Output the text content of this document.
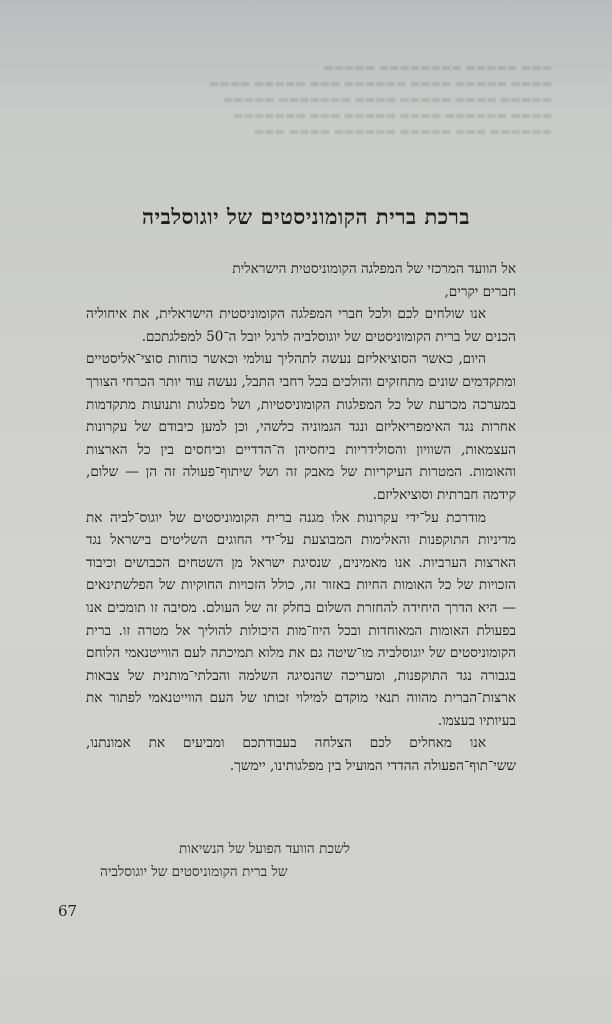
▬▬▬ ▬▬▬▬▬ ▬▬▬▬▬▬▬▬ ▬▬▬▬▬
▬▬▬▬ ▬▬▬▬▬ ▬▬▬▬ ▬▬▬▬▬▬ ▬▬▬ ▬▬▬▬▬ ▬▬▬▬
▬▬▬▬▬ ▬▬▬▬ ▬▬▬▬▬ ▬▬▬▬ ▬▬▬▬▬▬▬ ▬▬▬▬▬
▬▬▬▬ ▬▬▬▬▬▬ ▬▬▬▬ ▬▬▬▬▬ ▬▬▬ ▬▬▬▬▬▬▬
▬▬▬▬▬▬ ▬▬▬ ▬▬▬▬▬ ▬▬▬▬▬▬ ▬▬▬▬ ▬▬▬
ברכת ברית הקומוניסטים של יוגוסלביה

אל הוועד המרכזי של המפלגה הקומוניסטית הישראלית

חברים יקרים,

אנו שולחים לכם ולכל חברי המפלגה הקומוניסטית הישראלית, את איחוליה הכנים של ברית הקומוניסטים של יוגוסלביה לרגל יובל ה־50 למפלגתכם.

היום, כאשר הסוציאליזם נעשה לתהליך עולמי וכאשר כוחות סוצי־אליסטיים ומתקדמים שונים מתחזקים והולכים בכל רחבי התבל, נעשה עוד יותר הכרחי הצורך במערכה מכרעת של כל המפלגות הקומוניסטיות, ושל מפלגות ותנועות מתקדמות אחרות נגד האימפריאליזם ונגד הגמוניה כלשהי, וכן למען כיבודם של עקרונות העצמאות, השוויון והסולידריות ביחסיהן ה־הדדיים וביחסים בין כל הארצות והאומות. המטרות העיקריות של מאבק זה ושל שיתוף־פעולה זה הן — שלום, קידמה חברתית וסוציאליזם.

מודרכת על־ידי עקרונות אלו מגנה ברית הקומוניסטים של יוגוס־לביה את מדיניות התוקפנות והאלימות המבוצעת על־ידי החוגים השליטים בישראל נגד הארצות הערביות. אנו מאמינים, שנסיגת ישראל מן השטחים הכבושים וכיבוד הזכויות של כל האומות החיות באזור זה, כולל הזכויות החוקיות של הפלשתינאים — היא הדרך היחידה להחזרת השלום בחלק זה של העולם. מסיבה זו תומכים אנו בפעולת האומות המאוחדות ובכל היוז־מות היכולות להוליך אל מטרה זו. ברית הקומוניסטים של יוגוסלביה מו־שיטה גם את מלוא תמיכתה לעם הווייטנאמי הלוחם בגבורה נגד התוקפנות, ומעריכה שהנסיגה השלמה והבלתי־מותנית של צבאות ארצות־הברית מהווה תנאי מוקדם למילוי זכותו של העם הווייטנאמי לפתור את בעיותיו בעצמו.

אנו מאחלים לכם הצלחה בעבודתכם ומביעים את אמונתנו, ששי־תוף־הפעולה ההדדי המועיל בין מפלגותינו, יימשך.

לשכת הוועד הפועל של הנשיאות
של ברית הקומוניסטים של יוגוסלביה
67
